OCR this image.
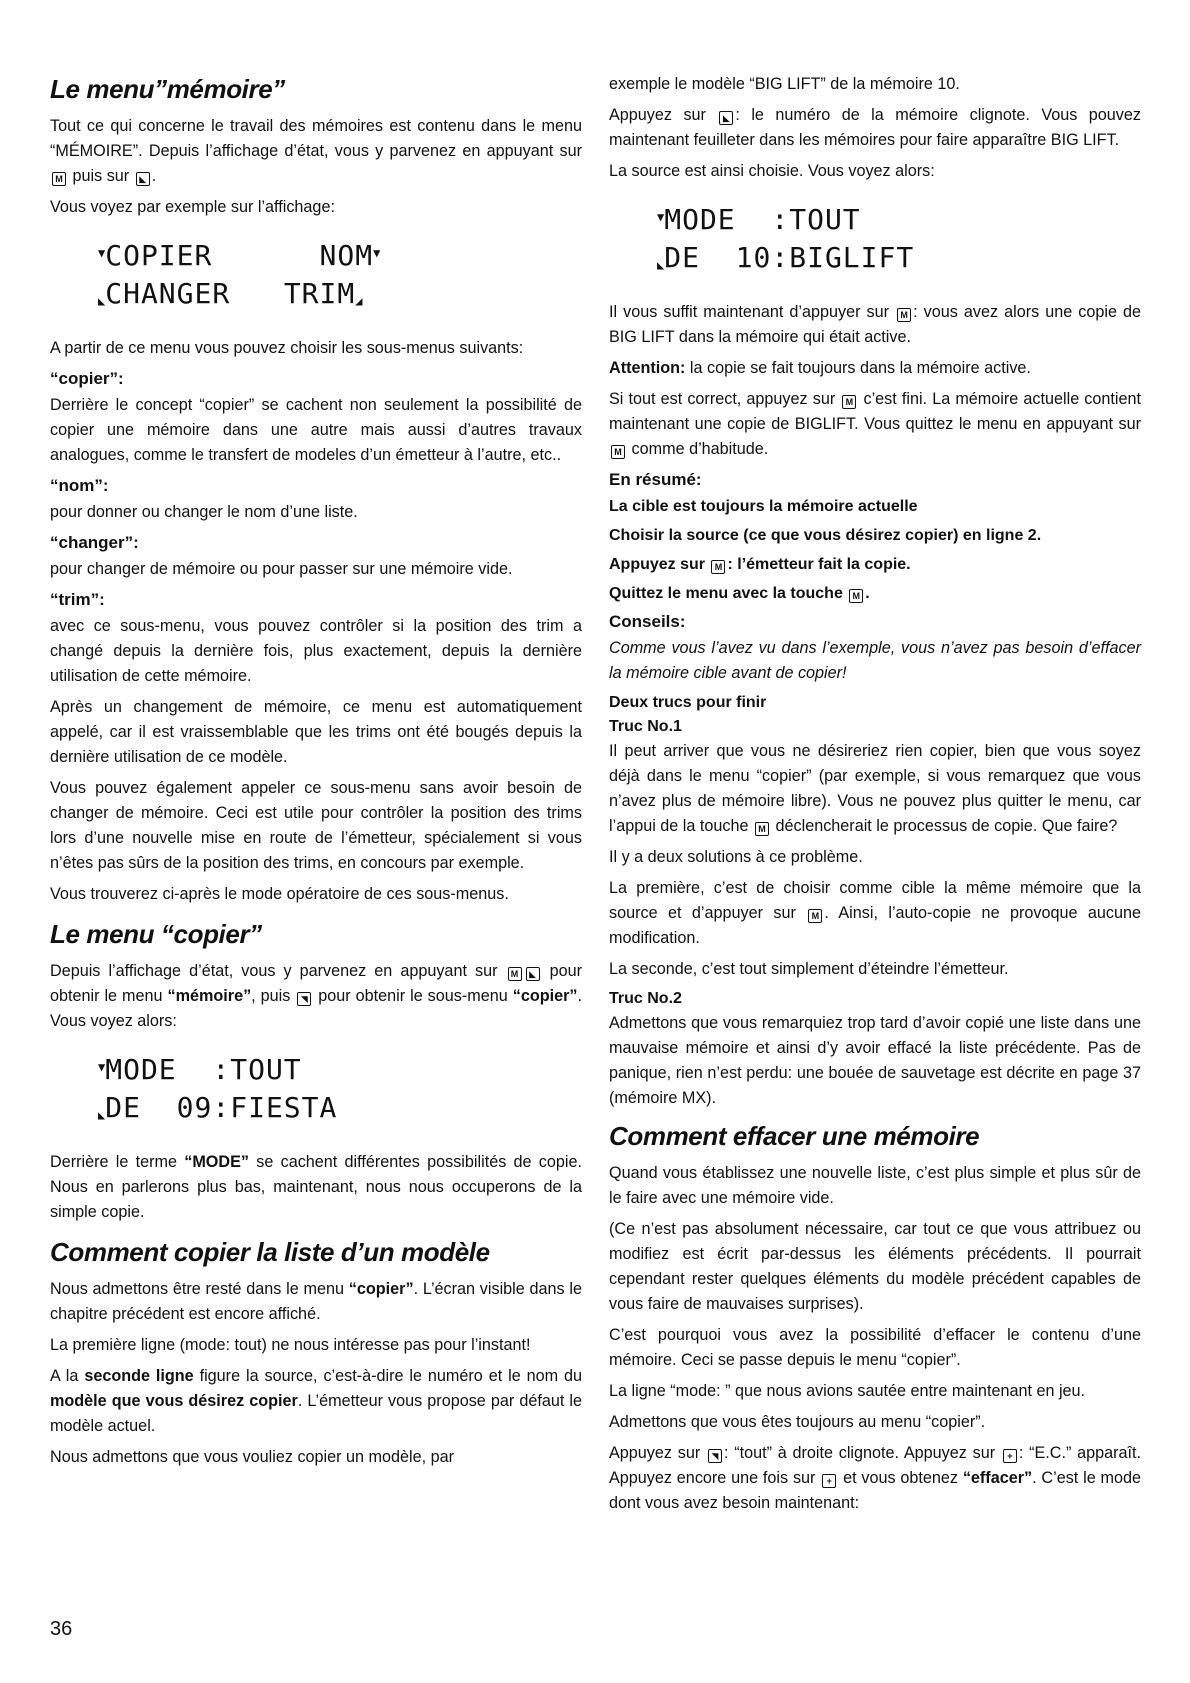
Le menu”mémoire”

Tout ce qui concerne le travail des mémoires est contenu dans le menu “MÉMOIRE”. Depuis l’affichage d’état, vous y parvenez en appuyant sur M puis sur ◣ .

Vous voyez par exemple sur l’affichage:

▼COPIER	NOM▼
◣CHANGER TRIM◢

A partir de ce menu vous pouvez choisir les sous-menus suivants:

“copier”:

Derrière le concept “copier” se cachent non seulement la possibilité de copier une mémoire dans une autre mais aussi d’autres travaux analogues, comme le transfert de modeles d’un émetteur à l’autre, etc..

“nom”:

pour donner ou changer le nom d’une liste.

“changer”:

pour changer de mémoire ou pour passer sur une mémoire vide.

“trim”:

avec ce sous-menu, vous pouvez contrôler si la position des trim a changé depuis la dernière fois, plus exactement, depuis la dernière utilisation de cette mémoire.

Après un changement de mémoire, ce menu est automatiquement appelé, car il est vraissemblable que les trims ont été bougés depuis la dernière utilisation de ce modèle.

Vous pouvez également appeler ce sous-menu sans avoir besoin de changer de mémoire. Ceci est utile pour contrôler la position des trims lors d’une nouvelle mise en route de l’émetteur, spécialement si vous n’êtes pas sûrs de la position des trims, en concours par exemple.

Vous trouverez ci-après le mode opératoire de ces sous-menus.

Le menu “copier”

Depuis l’affichage d’état, vous y parvenez en appuyant sur M ◣ pour obtenir le menu “mémoire”, puis ◥ pour obtenir le sous-menu “copier”. Vous voyez alors:

▼MODE  :TOUT
◣DE  09:FIESTA

Derrière le terme “MODE” se cachent différentes possibilités de copie. Nous en parlerons plus bas, maintenant, nous nous occuperons de la simple copie.

Comment copier la liste d’un modèle

Nous admettons être resté dans le menu “copier”. L’écran visible dans le chapitre précédent est encore affiché.

La première ligne (mode: tout) ne nous intéresse pas pour l’instant!

A la seconde ligne figure la source, c’est-à-dire le numéro et le nom du modèle que vous désirez copier. L’émetteur vous propose par défaut le modèle actuel.

Nous admettons que vous vouliez copier un modèle, par

exemple le modèle “BIG LIFT” de la mémoire 10.

Appuyez sur ◣ : le numéro de la mémoire clignote. Vous pouvez maintenant feuilleter dans les mémoires pour faire apparaître BIG LIFT.

La source est ainsi choisie. Vous voyez alors:

▼MODE  :TOUT
◣DE  10:BIGLIFT

Il vous suffit maintenant d’appuyer sur M : vous avez alors une copie de BIG LIFT dans la mémoire qui était active.

Attention: la copie se fait toujours dans la mémoire active.

Si tout est correct, appuyez sur M c’est fini. La mémoire actuelle contient maintenant une copie de BIGLIFT. Vous quittez le menu en appuyant sur M comme d’habitude.

En résumé:
La cible est toujours la mémoire actuelle
Choisir la source (ce que vous désirez copier) en ligne 2.
Appuyez sur M : l’émetteur fait la copie.
Quittez le menu avec la touche M .
Conseils:

Comme vous l’avez vu dans l’exemple, vous n’avez pas besoin d’effacer la mémoire cible avant de copier!

Deux trucs pour finir
Truc No.1

Il peut arriver que vous ne désireriez rien copier, bien que vous soyez déjà dans le menu “copier” (par exemple, si vous remarquez que vous n’avez plus de mémoire libre). Vous ne pouvez plus quitter le menu, car l’appui de la touche M déclencherait le processus de copie. Que faire?

Il y a deux solutions à ce problème.

La première, c’est de choisir comme cible la même mémoire que la source et d’appuyer sur M . Ainsi, l’auto-copie ne provoque aucune modification.

La seconde, c’est tout simplement d’éteindre l’émetteur.

Truc No.2

Admettons que vous remarquiez trop tard d’avoir copié une liste dans une mauvaise mémoire et ainsi d’y avoir effacé la liste précédente. Pas de panique, rien n’est perdu: une bouée de sauvetage est décrite en page 37 (mémoire MX).

Comment effacer une mémoire

Quand vous établissez une nouvelle liste, c’est plus simple et plus sûr de le faire avec une mémoire vide.

(Ce n’est pas absolument nécessaire, car tout ce que vous attribuez ou modifiez est écrit par-dessus les éléments précédents. Il pourrait cependant rester quelques éléments du modèle précédent capables de vous faire de mauvaises surprises).

C’est pourquoi vous avez la possibilité d’effacer le contenu d’une mémoire. Ceci se passe depuis le menu “copier”.

La ligne “mode: ” que nous avions sautée entre maintenant en jeu.

Admettons que vous êtes toujours au menu “copier”.

Appuyez sur ◥ : “tout” à droite clignote. Appuyez sur + : “E.C.” apparaît. Appuyez encore une fois sur + et vous obtenez “effacer”. C’est le mode dont vous avez besoin maintenant:

36
